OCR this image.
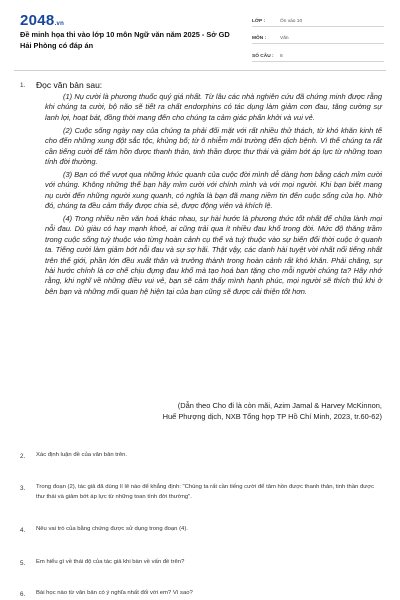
2048.vn
Đề minh họa thi vào lớp 10 môn Ngữ văn năm 2025 - Sở GD Hải Phòng có đáp án
LỚP :	Ôn vào 10
MÔN :	Văn
SỐ CÂU :	8
1. Đọc văn bản sau:

(1) Nụ cười là phương thuốc quý giá nhất. Từ lâu các nhà nghiên cứu đã chứng minh được rằng khi chúng ta cười, bộ não sẽ tiết ra chất endorphins có tác dụng làm giảm cơn đau, tăng cường sự lanh lợi, hoạt bát, đồng thời mang đến cho chúng ta cảm giác phấn khởi và vui vẻ.

(2) Cuộc sống ngày nay của chúng ta phải đối mặt với rất nhiều thử thách, từ khó khăn kinh tế cho đến những xung đột sắc tộc, khủng bố; từ ô nhiễm môi trường đến dịch bệnh. Vì thế chúng ta rất cần tiếng cười để tâm hồn được thanh thản, tinh thần được thư thái và giảm bớt áp lực từ những toan tính đời thường.

(3) Bạn có thể vượt qua những khúc quanh của cuộc đời mình dễ dàng hơn bằng cách mỉm cười với chúng. Không những thế bạn hãy mỉm cười với chính mình và với mọi người. Khi bạn biết mang nụ cười đến những người xung quanh, có nghĩa là bạn đã mang niềm tin đến cuộc sống của họ. Nhờ đó, chúng ta đều cảm thấy được chia sẻ, được động viên và khích lệ.

(4) Trong nhiều nền văn hoá khác nhau, sự hài hước là phương thức tốt nhất để chữa lành mọi nỗi đau. Dù giàu có hay mạnh khoẻ, ai cũng trải qua ít nhiều đau khổ trong đời. Mức độ thăng trầm trong cuộc sống tuỳ thuộc vào từng hoàn cảnh cụ thể và tuỳ thuộc vào sự biến đổi thời cuộc ở quanh ta. Tiếng cười làm giảm bớt nỗi đau và sự sợ hãi. Thật vậy, các danh hài tuyệt vời nhất nổi tiếng nhất trên thế giới, phần lớn đều xuất thân và trưởng thành trong hoàn cảnh rất khó khăn. Phải chăng, sự hài hước chính là cơ chế chịu đựng đau khổ mà tạo hoá ban tặng cho mỗi người chúng ta? Hãy nhớ rằng, khi nghĩ về những điều vui vẻ, bạn sẽ cảm thấy mình hạnh phúc, mọi người sẽ thích thú khi ở bên bạn và những mối quan hệ hiện tại của bạn cũng sẽ được cải thiện tốt hơn.

(Dẫn theo Cho đi là còn mãi, Azim Jamal & Harvey McKinnon,
Huế Phượng dịch, NXB Tổng hợp TP Hồ Chí Minh, 2023, tr.60-62)
2. Xác định luận đề của văn bản trên.
3. Trong đoạn (2), tác giả đã dùng lí lẽ nào để khẳng định: "Chúng ta rất cần tiếng cười để tâm hồn được thanh thản, tinh thần được thư thái và giảm bớt áp lực từ những toan tính đời thường".
4. Nêu vai trò của bằng chứng được sử dụng trong đoạn (4).
5. Em hiểu gì về thái độ của tác giả khi bàn về vấn đề trên?
6. Bài học nào từ văn bản có ý nghĩa nhất đối với em? Vì sao?
